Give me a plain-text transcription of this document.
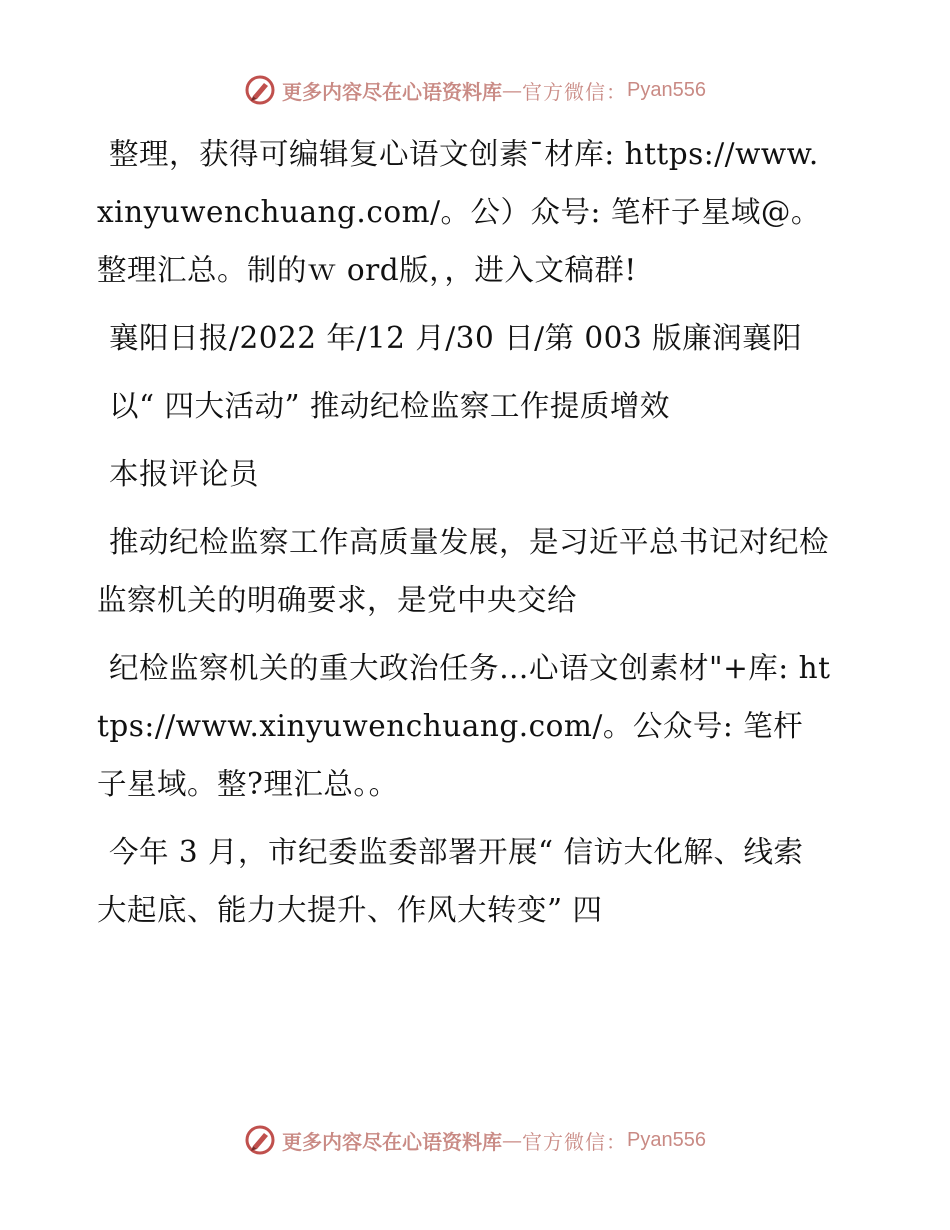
更多内容尽在心语资料库 — 官方微信： Pyan556

整理，获得可编辑复心语文创素¯材库: https://www.xinyuwenchuang.com/。公）众号: 笔杆子星域@。整理汇总。制的ｗ ord版，，进入文稿群!

襄阳日报/2022 年/12 月/30 日/第 003 版廉润襄阳

以“ 四大活动” 推动纪检监察工作提质增效

本报评论员

推动纪检监察工作高质量发展，是习近平总书记对纪检监察机关的明确要求，是党中央交给

纪检监察机关的重大政治任务…心语文创素材"+库: https://www.xinyuwenchuang.com/。公众号: 笔杆子星域。整?理汇总。。

今年 3 月，市纪委监委部署开展“ 信访大化解、线索大起底、能力大提升、作风大转变” 四

更多内容尽在心语资料库 — 官方微信： Pyan556
